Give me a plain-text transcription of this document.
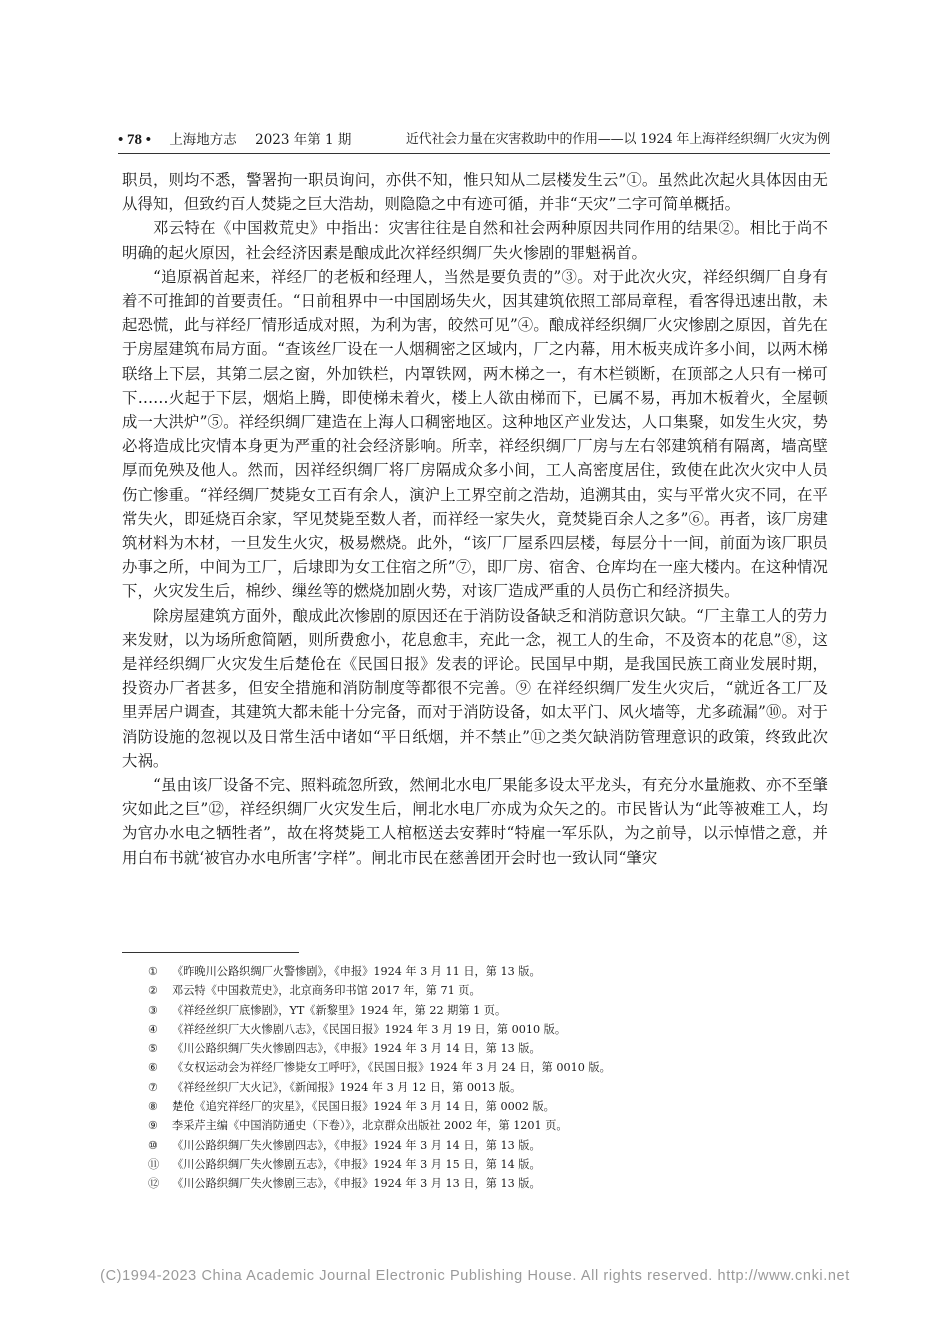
• 78 • 上海地方志 2023 年第 1 期	近代社会力量在灾害救助中的作用——以 1924 年上海祥经织绸厂火灾为例

职员，则均不悉，警署拘一职员询问，亦供不知，惟只知从二层楼发生云”①。虽然此次起火具体因由无从得知，但致约百人焚毙之巨大浩劫，则隐隐之中有迹可循，并非“天灾”二字可简单概括。

邓云特在《中国救荒史》中指出：灾害往往是自然和社会两种原因共同作用的结果②。相比于尚不明确的起火原因，社会经济因素是酿成此次祥经织绸厂失火惨剧的罪魁祸首。

“追原祸首起来，祥经厂的老板和经理人，当然是要负责的”③。对于此次火灾，祥经织绸厂自身有着不可推卸的首要责任。“日前租界中一中国剧场失火，因其建筑依照工部局章程，看客得迅速出散，未起恐慌，此与祥经厂情形适成对照，为利为害，皎然可见”④。酿成祥经织绸厂火灾惨剧之原因，首先在于房屋建筑布局方面。“查该丝厂设在一人烟稠密之区域内，厂之内幕，用木板夹成许多小间，以两木梯联络上下层，其第二层之窗，外加铁栏，内罩铁网，两木梯之一，有木栏锁断，在顶部之人只有一梯可下……火起于下层，烟焰上腾，即使梯未着火，楼上人欲由梯而下，已属不易，再加木板着火，全屋顿成一大洪炉”⑤。祥经织绸厂建造在上海人口稠密地区。这种地区产业发达，人口集聚，如发生火灾，势必将造成比灾情本身更为严重的社会经济影响。所幸，祥经织绸厂厂房与左右邻建筑稍有隔离，墙高壁厚而免殃及他人。然而，因祥经织绸厂将厂房隔成众多小间，工人高密度居住，致使在此次火灾中人员伤亡惨重。“祥经绸厂焚毙女工百有余人，演沪上工界空前之浩劫，追溯其由，实与平常火灾不同，在平常失火，即延烧百余家，罕见焚毙至数人者，而祥经一家失火，竟焚毙百余人之多”⑥。再者，该厂房建筑材料为木材，一旦发生火灾，极易燃烧。此外，“该厂厂屋系四层楼，每层分十一间，前面为该厂职员办事之所，中间为工厂，后埭即为女工住宿之所”⑦，即厂房、宿舍、仓库均在一座大楼内。在这种情况下，火灾发生后，棉纱、缫丝等的燃烧加剧火势，对该厂造成严重的人员伤亡和经济损失。

除房屋建筑方面外，酿成此次惨剧的原因还在于消防设备缺乏和消防意识欠缺。“厂主靠工人的劳力来发财，以为场所愈简陋，则所费愈小，花息愈丰，充此一念，视工人的生命，不及资本的花息”⑧，这是祥经织绸厂火灾发生后楚伧在《民国日报》发表的评论。民国早中期，是我国民族工商业发展时期，投资办厂者甚多，但安全措施和消防制度等都很不完善。⑨ 在祥经织绸厂发生火灾后，“就近各工厂及里弄居户调查，其建筑大都未能十分完备，而对于消防设备，如太平门、风火墙等，尤多疏漏”⑩。对于消防设施的忽视以及日常生活中诸如“平日纸烟，并不禁止”⑪之类欠缺消防管理意识的政策，终致此次大祸。

“虽由该厂设备不完、照料疏忽所致，然闸北水电厂果能多设太平龙头，有充分水量施救、亦不至肇灾如此之巨”⑫，祥经织绸厂火灾发生后，闸北水电厂亦成为众矢之的。市民皆认为“此等被难工人，均为官办水电之牺牲者”，故在将焚毙工人棺柩送去安葬时“特雇一军乐队，为之前导，以示悼惜之意，并用白布书就‘被官办水电所害’字样”。闸北市民在慈善团开会时也一致认同“肇灾

① 《昨晚川公路织绸厂火警惨剧》，《申报》1924 年 3 月 11 日，第 13 版。
② 邓云特《中国救荒史》，北京商务印书馆 2017 年，第 71 页。
③ 《祥经丝织厂底惨剧》，YT《新黎里》1924 年，第 22 期第 1 页。
④ 《祥经丝织厂大火惨剧八志》，《民国日报》1924 年 3 月 19 日，第 0010 版。
⑤ 《川公路织绸厂失火惨剧四志》，《申报》1924 年 3 月 14 日，第 13 版。
⑥ 《女权运动会为祥经厂惨毙女工呼吁》，《民国日报》1924 年 3 月 24 日，第 0010 版。
⑦ 《祥经丝织厂大火记》，《新闻报》1924 年 3 月 12 日，第 0013 版。
⑧ 楚伧《追究祥经厂的灾星》，《民国日报》1924 年 3 月 14 日，第 0002 版。
⑨ 李采芹主编《中国消防通史（下卷）》，北京群众出版社 2002 年，第 1201 页。
⑩ 《川公路织绸厂失火惨剧四志》，《申报》1924 年 3 月 14 日，第 13 版。
⑪ 《川公路织绸厂失火惨剧五志》，《申报》1924 年 3 月 15 日，第 14 版。
⑫ 《川公路织绸厂失火惨剧三志》，《申报》1924 年 3 月 13 日，第 13 版。
(C)1994-2023 China Academic Journal Electronic Publishing House. All rights reserved. http://www.cnki.net
